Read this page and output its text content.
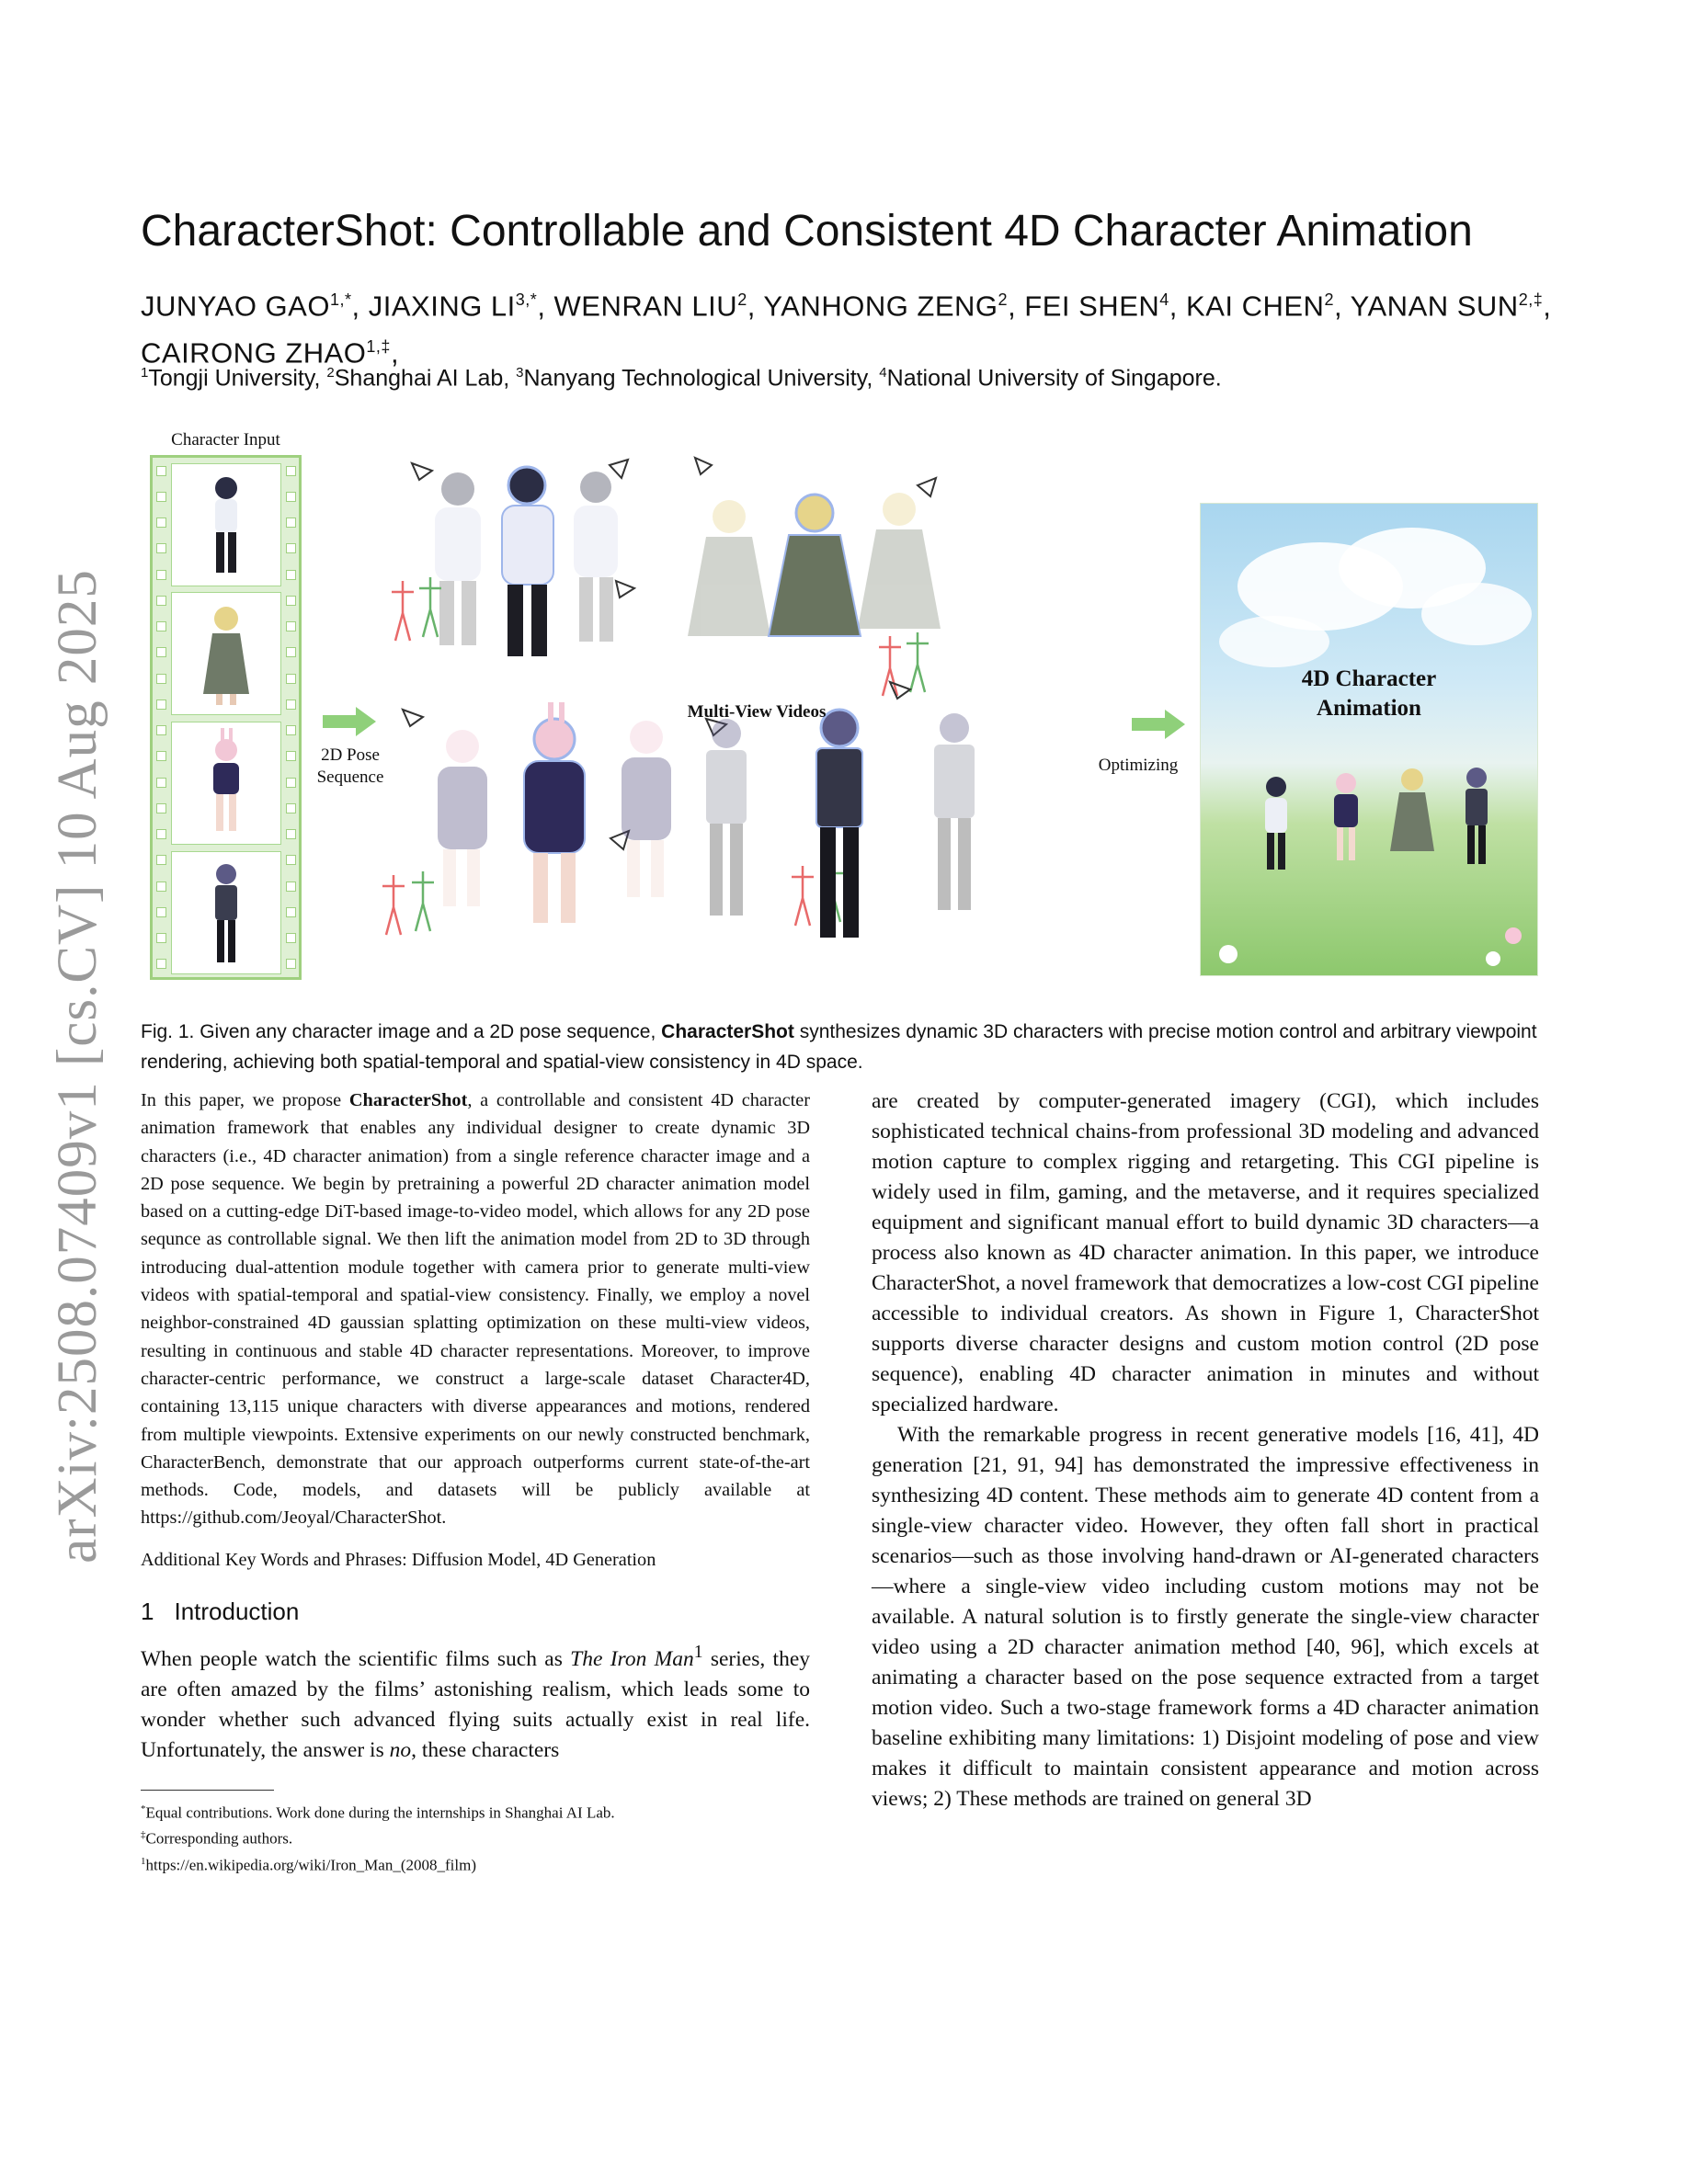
arXiv:2508.07409v1 [cs.CV] 10 Aug 2025
CharacterShot: Controllable and Consistent 4D Character Animation
JUNYAO $GAO^{1,*}$, JIAXING $LI^{3,*}$, WENRAN LIU$^2$, YANHONG ZENG$^2$, FEI SHEN$^4$, KAI CHEN$^2$, YANAN $SUN^{2,\ddagger}$, CAIRONG $ZHAO^{1,\ddagger}$,
$^1$Tongji University, $^2$Shanghai AI Lab, $^3$Nanyang Technological University, $^4$National University of Singapore.
Character Input
2D Pose
Sequence
Multi-View Videos
Optimizing
4D Character
Animation
Fig. 1. Given any character image and a 2D pose sequence, CharacterShot synthesizes dynamic 3D characters with precise motion control and arbitrary viewpoint rendering, achieving both spatial-temporal and spatial-view consistency in 4D space.

In this paper, we propose CharacterShot, a controllable and consistent 4D character animation framework that enables any individual designer to create dynamic 3D characters (i.e., 4D character animation) from a single reference character image and a 2D pose sequence. We begin by pretraining a powerful 2D character animation model based on a cutting-edge DiT-based image-to-video model, which allows for any 2D pose sequnce as controllable signal. We then lift the animation model from 2D to 3D through introducing dual-attention module together with camera prior to generate multi-view videos with spatial-temporal and spatial-view consistency. Finally, we employ a novel neighbor-constrained 4D gaussian splatting optimization on these multi-view videos, resulting in continuous and stable 4D character representations. Moreover, to improve character-centric performance, we construct a large-scale dataset Character4D, containing 13,115 unique characters with diverse appearances and motions, rendered from multiple viewpoints. Extensive experiments on our newly constructed benchmark, CharacterBench, demonstrate that our approach outperforms current state-of-the-art methods. Code, models, and datasets will be publicly available at https://github.com/Jeoyal/CharacterShot.

Additional Key Words and Phrases: Diffusion Model, 4D Generation

1 Introduction

When people watch the scientific films such as The Iron Man$^1$ series, they are often amazed by the films’ astonishing realism, which leads some to wonder whether such advanced flying suits actually exist in real life. Unfortunately, the answer is no, these characters

*Equal contributions. Work done during the internships in Shanghai AI Lab.

‡Corresponding authors.

$^1$https://en.wikipedia.org/wiki/Iron_Man_(2008_film)

are created by computer-generated imagery (CGI), which includes sophisticated technical chains-from professional 3D modeling and advanced motion capture to complex rigging and retargeting. This CGI pipeline is widely used in film, gaming, and the metaverse, and it requires specialized equipment and significant manual effort to build dynamic 3D characters—a process also known as 4D character animation. In this paper, we introduce CharacterShot, a novel framework that democratizes a low-cost CGI pipeline accessible to individual creators. As shown in Figure 1, CharacterShot supports diverse character designs and custom motion control (2D pose sequence), enabling 4D character animation in minutes and without specialized hardware.

With the remarkable progress in recent generative models [16, 41], 4D generation [21, 91, 94] has demonstrated the impressive effectiveness in synthesizing 4D content. These methods aim to generate 4D content from a single-view character video. However, they often fall short in practical scenarios—such as those involving hand-drawn or AI-generated characters—where a single-view video including custom motions may not be available. A natural solution is to firstly generate the single-view character video using a 2D character animation method [40, 96], which excels at animating a character based on the pose sequence extracted from a target motion video. Such a two-stage framework forms a 4D character animation baseline exhibiting many limitations: 1) Disjoint modeling of pose and view makes it difficult to maintain consistent appearance and motion across views; 2) These methods are trained on general 3D
